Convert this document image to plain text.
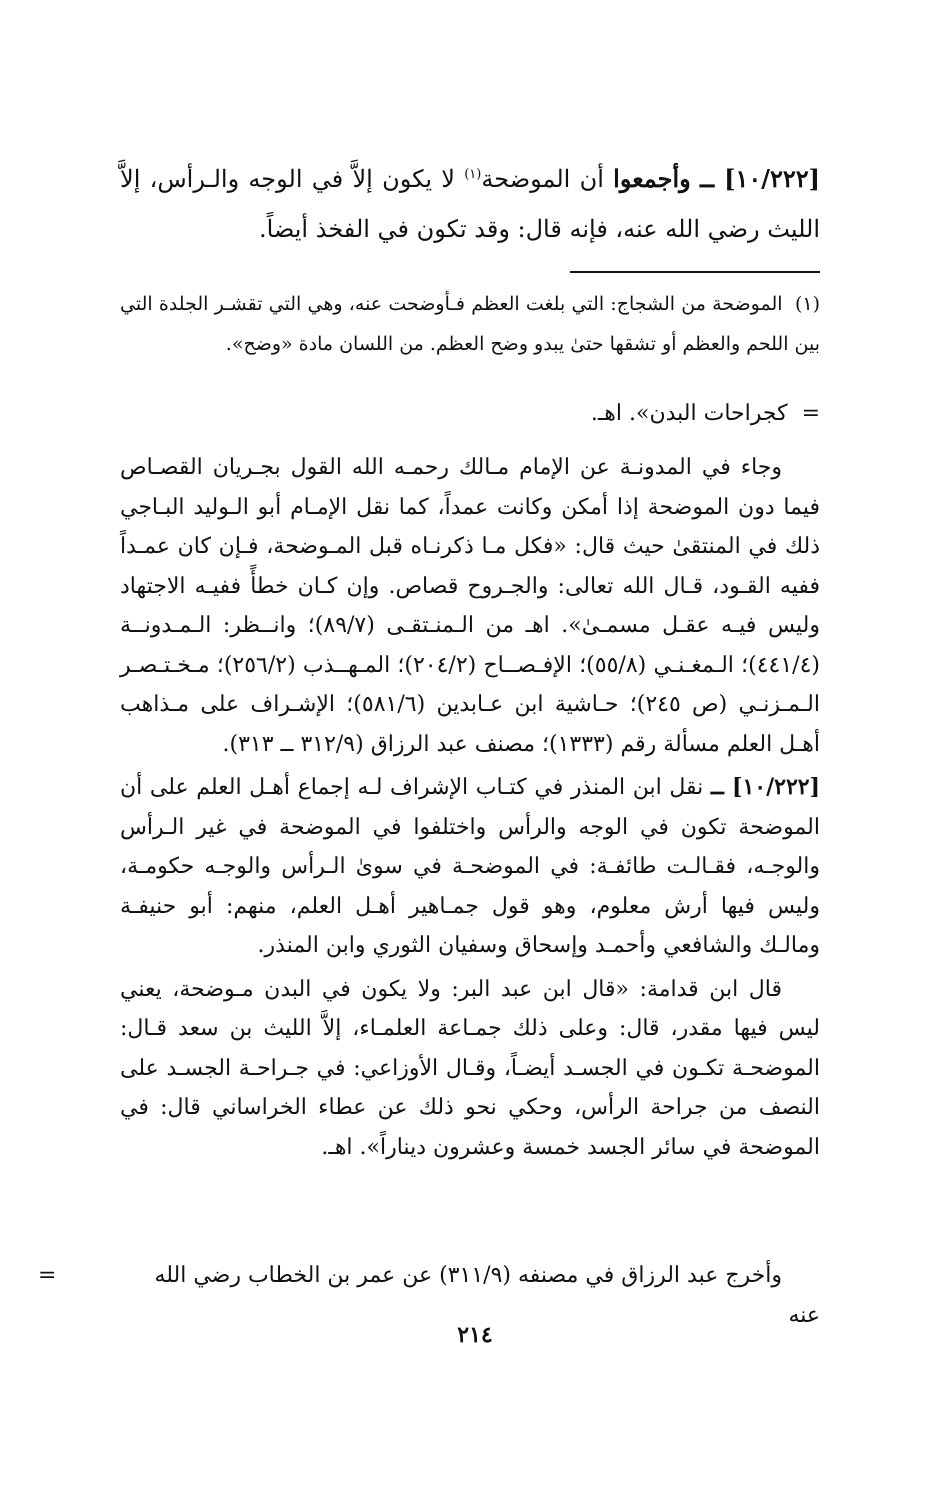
[١٠/٢٢٢] ــ وأجمعوا أن الموضحة$^{(١)}$ لا يكون إلاَّ في الوجه والـرأس، إلاَّ الليث رضي الله عنه، فإنه قال: وقد تكون في الفخذ أيضاً.
(١)  الموضحة من الشجاج: التي بلغت العظم فـأوضحت عنه، وهي التي تقشـر الجلدة التي بين اللحم والعظم أو تشقها حتىٰ يبدو وضح العظم. من اللسان مادة «وضح».
=  كجراحات البدن». اهـ.

وجاء في المدونـة عن الإمام مـالك رحمـه الله القول بجـريان القصـاص فيما دون الموضحة إذا أمكن وكانت عمداً، كما نقل الإمـام أبو الـوليد البـاجي ذلك في المنتقىٰ حيث قال: «فكل مـا ذكرنـاه قبل المـوضحة، فـإن كان عمـداً ففيه القـود، قـال الله تعالى: والجـروح قصاص. وإن كـان خطأً ففيـه الاجتهاد وليس فيـه عقـل مسمـىٰ». اهـ من الـمنـتقـى (٨٩/٧)؛ وانــظر: الـمـدونــة (٤٤١/٤)؛ الـمغـنـي (٥٥/٨)؛ الإفـصــاح (٢٠٤/٢)؛ المـهــذب (٢٥٦/٢)؛ مـخـتـصـر الـمـزنـي (ص ٢٤٥)؛ حـاشية ابن عـابدين (٥٨١/٦)؛ الإشـراف على مـذاهب أهـل العلم مسألة رقم (١٣٣٣)؛ مصنف عبد الرزاق (٣١٢/٩ ــ ٣١٣).

[١٠/٢٢٢] ــ نقل ابن المنذر في كتـاب الإشراف لـه إجماع أهـل العلم على أن الموضحة تكون في الوجه والرأس واختلفوا في الموضحة في غير الـرأس والوجـه، فقـالـت طائفـة: في الموضحـة في سوىٰ الـرأس والوجـه حكومـة، وليس فيها أرش معلوم، وهو قول جمـاهير أهـل العلم، منهم: أبو حنيفـة ومالـك والشافعي وأحمـد وإسحاق وسفيان الثوري وابن المنذر.

قال ابن قدامة: «قال ابن عبد البر: ولا يكون في البدن مـوضحة، يعني ليس فيها مقدر، قال: وعلى ذلك جمـاعة العلمـاء، إلاَّ الليث بن سعد قـال: الموضحـة تكـون في الجسـد أيضـاً، وقـال الأوزاعي: في جـراحـة الجسـد على النصف من جراحة الرأس، وحكي نحو ذلك عن عطاء الخراساني قال: في الموضحة في سائر الجسد خمسة وعشرون ديناراً». اهـ.

وأخرج عبد الرزاق في مصنفه (٣١١/٩) عن عمر بن الخطاب رضي الله عنه
=
٢١٤
